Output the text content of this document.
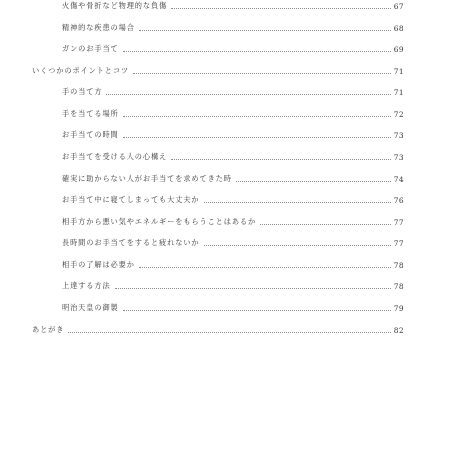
火傷や骨折など物理的な負傷	67
精神的な疾患の場合	68
ガンのお手当て	69
いくつかのポイントとコツ	71
手の当て方	71
手を当てる場所	72
お手当ての時間	73
お手当てを受ける人の心構え	73
確実に助からない人がお手当てを求めてきた時	74
お手当て中に寝てしまっても大丈夫か	76
相手方から悪い気やエネルギーをもらうことはあるか	77
長時間のお手当てをすると疲れないか	77
相手の了解は必要か	78
上達する方法	78
明治天皇の御製	79
あとがき	82
